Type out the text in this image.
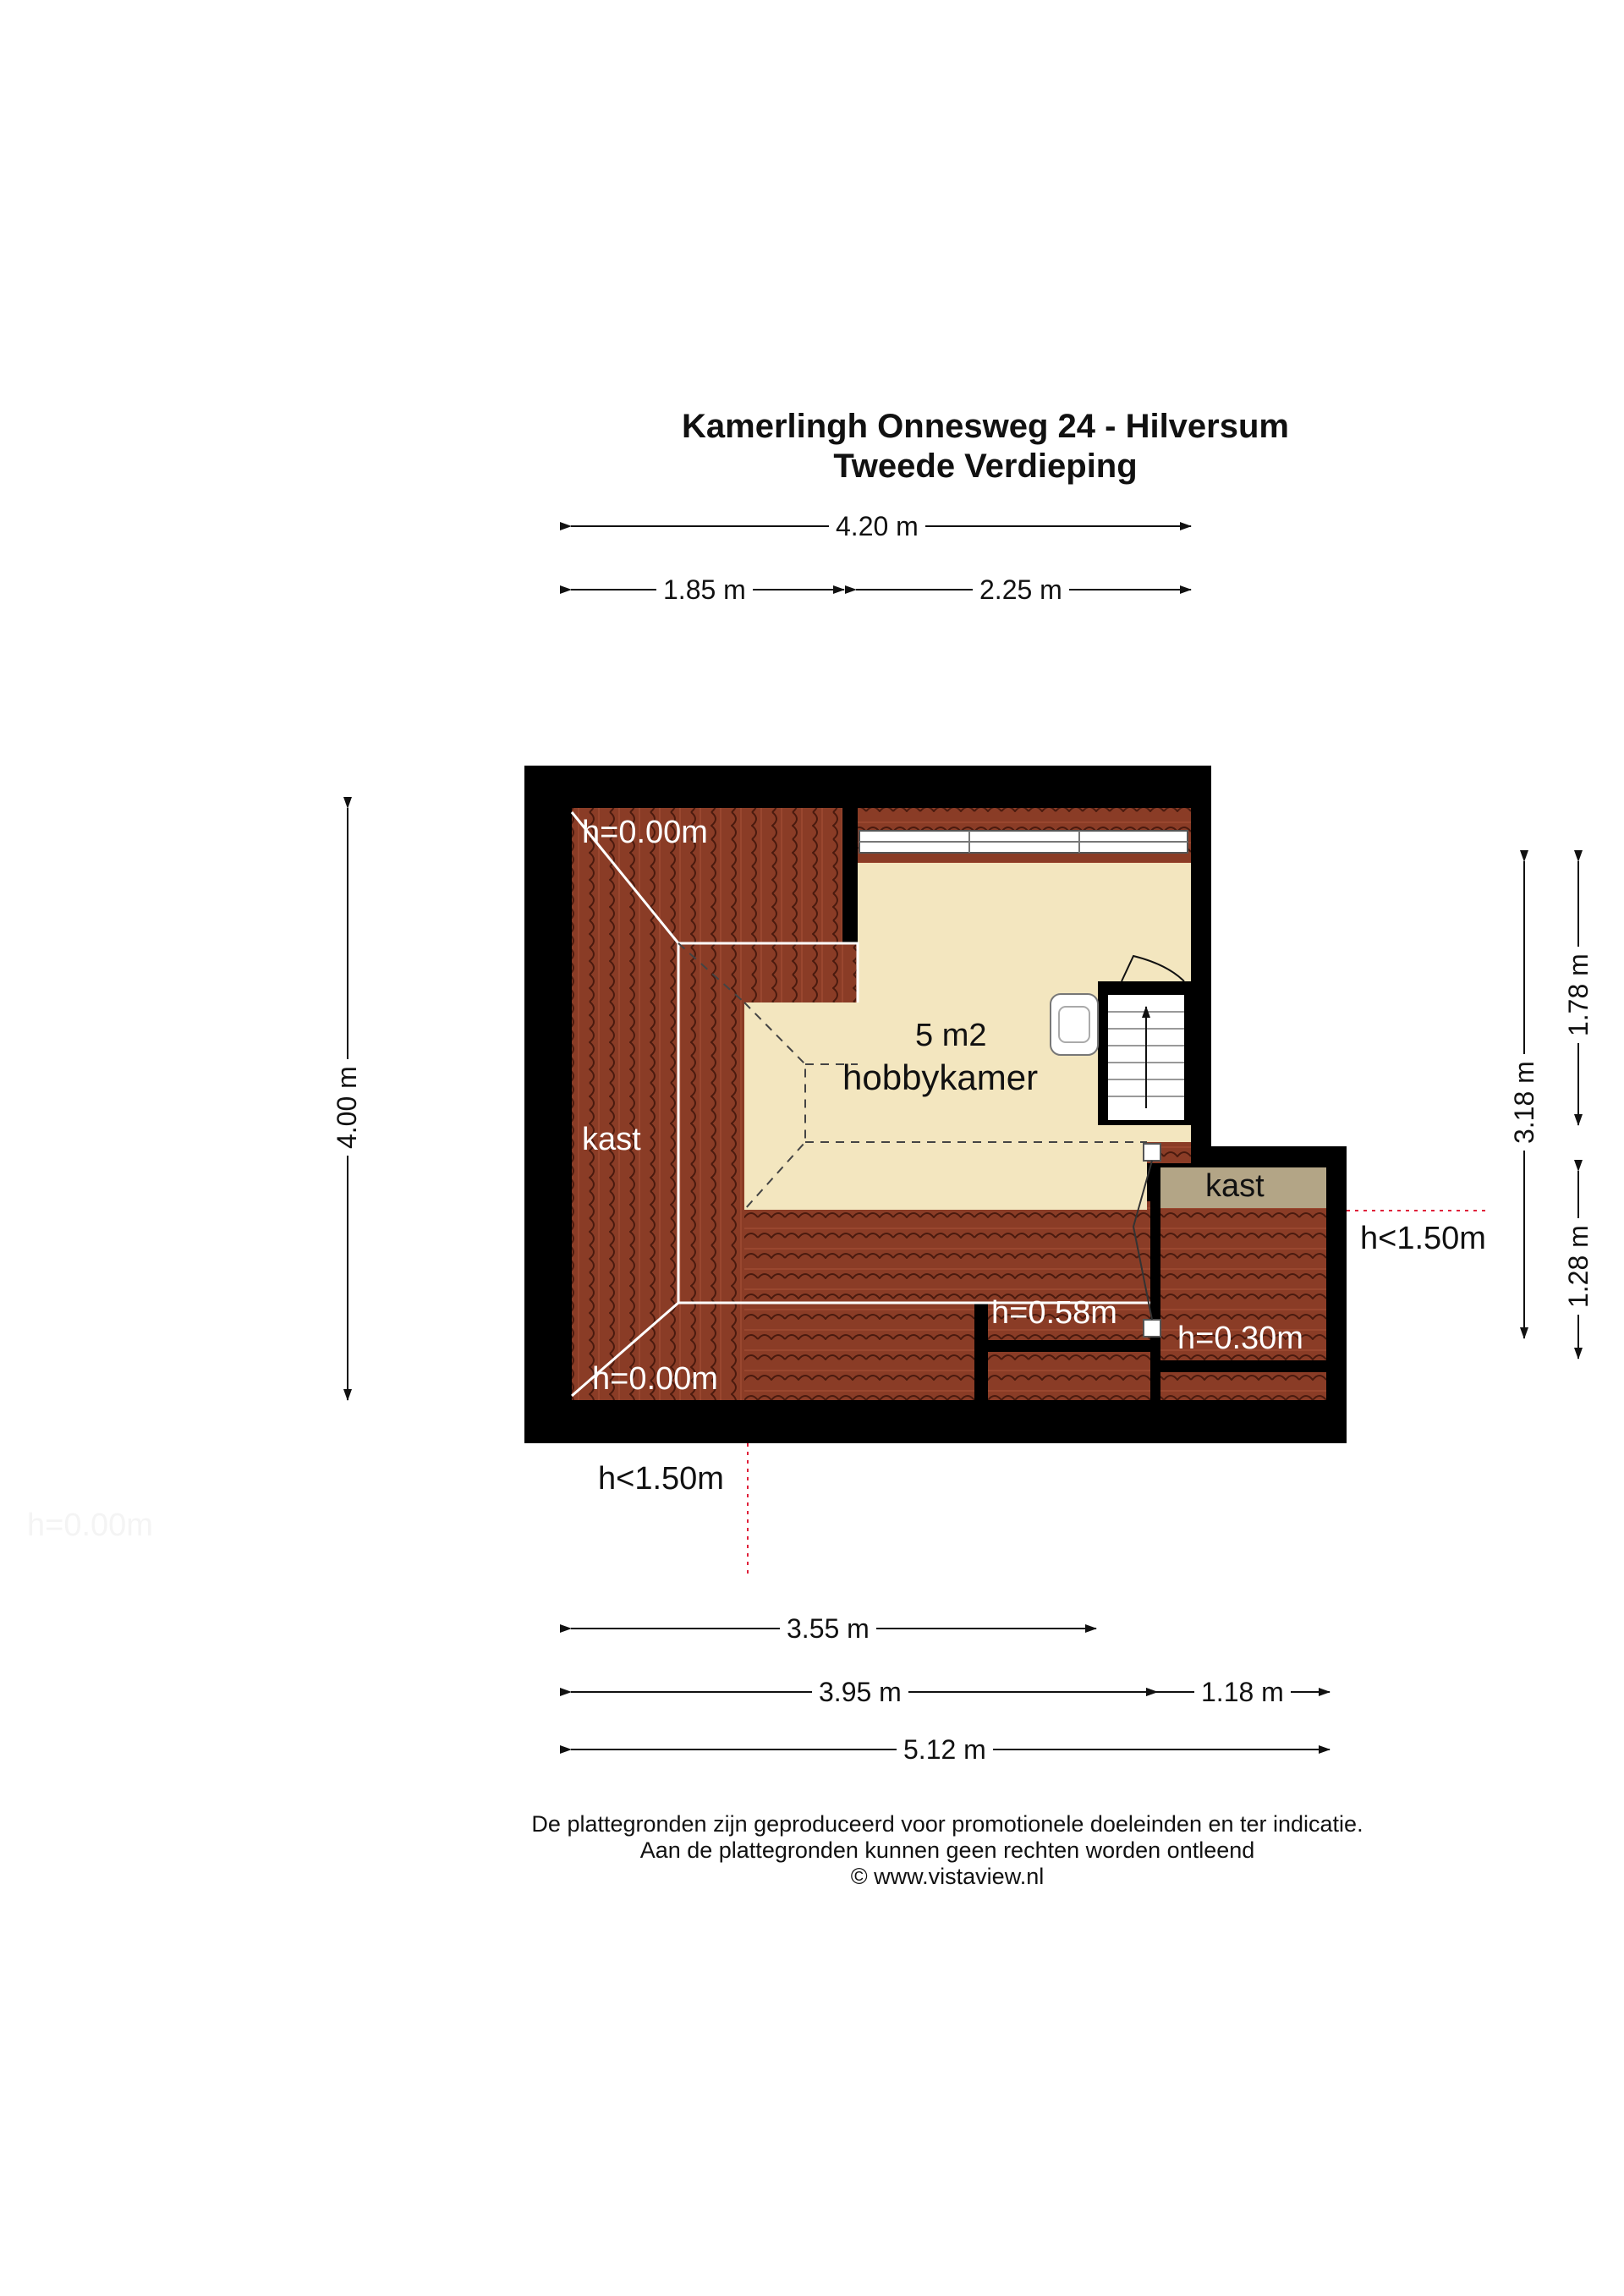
Kamerlingh Onnesweg 24 - Hilversum
Tweede Verdieping
4.20 m
1.85 m	2.25 m
4.00 m	3.18 m
1.78 m
1.28 m
5 m2
hobbykamer
kast
kast
h=0.00m
h=0.00m
h=0.58m
h=0.30m
h<1.50m
h<1.50m
h=0.00m
3.55 m
3.95 m	1.18 m
5.12 m
De plattegronden zijn geproduceerd voor promotionele doeleinden en ter indicatie.
Aan de plattegronden kunnen geen rechten worden ontleend
© www.vistaview.nl
